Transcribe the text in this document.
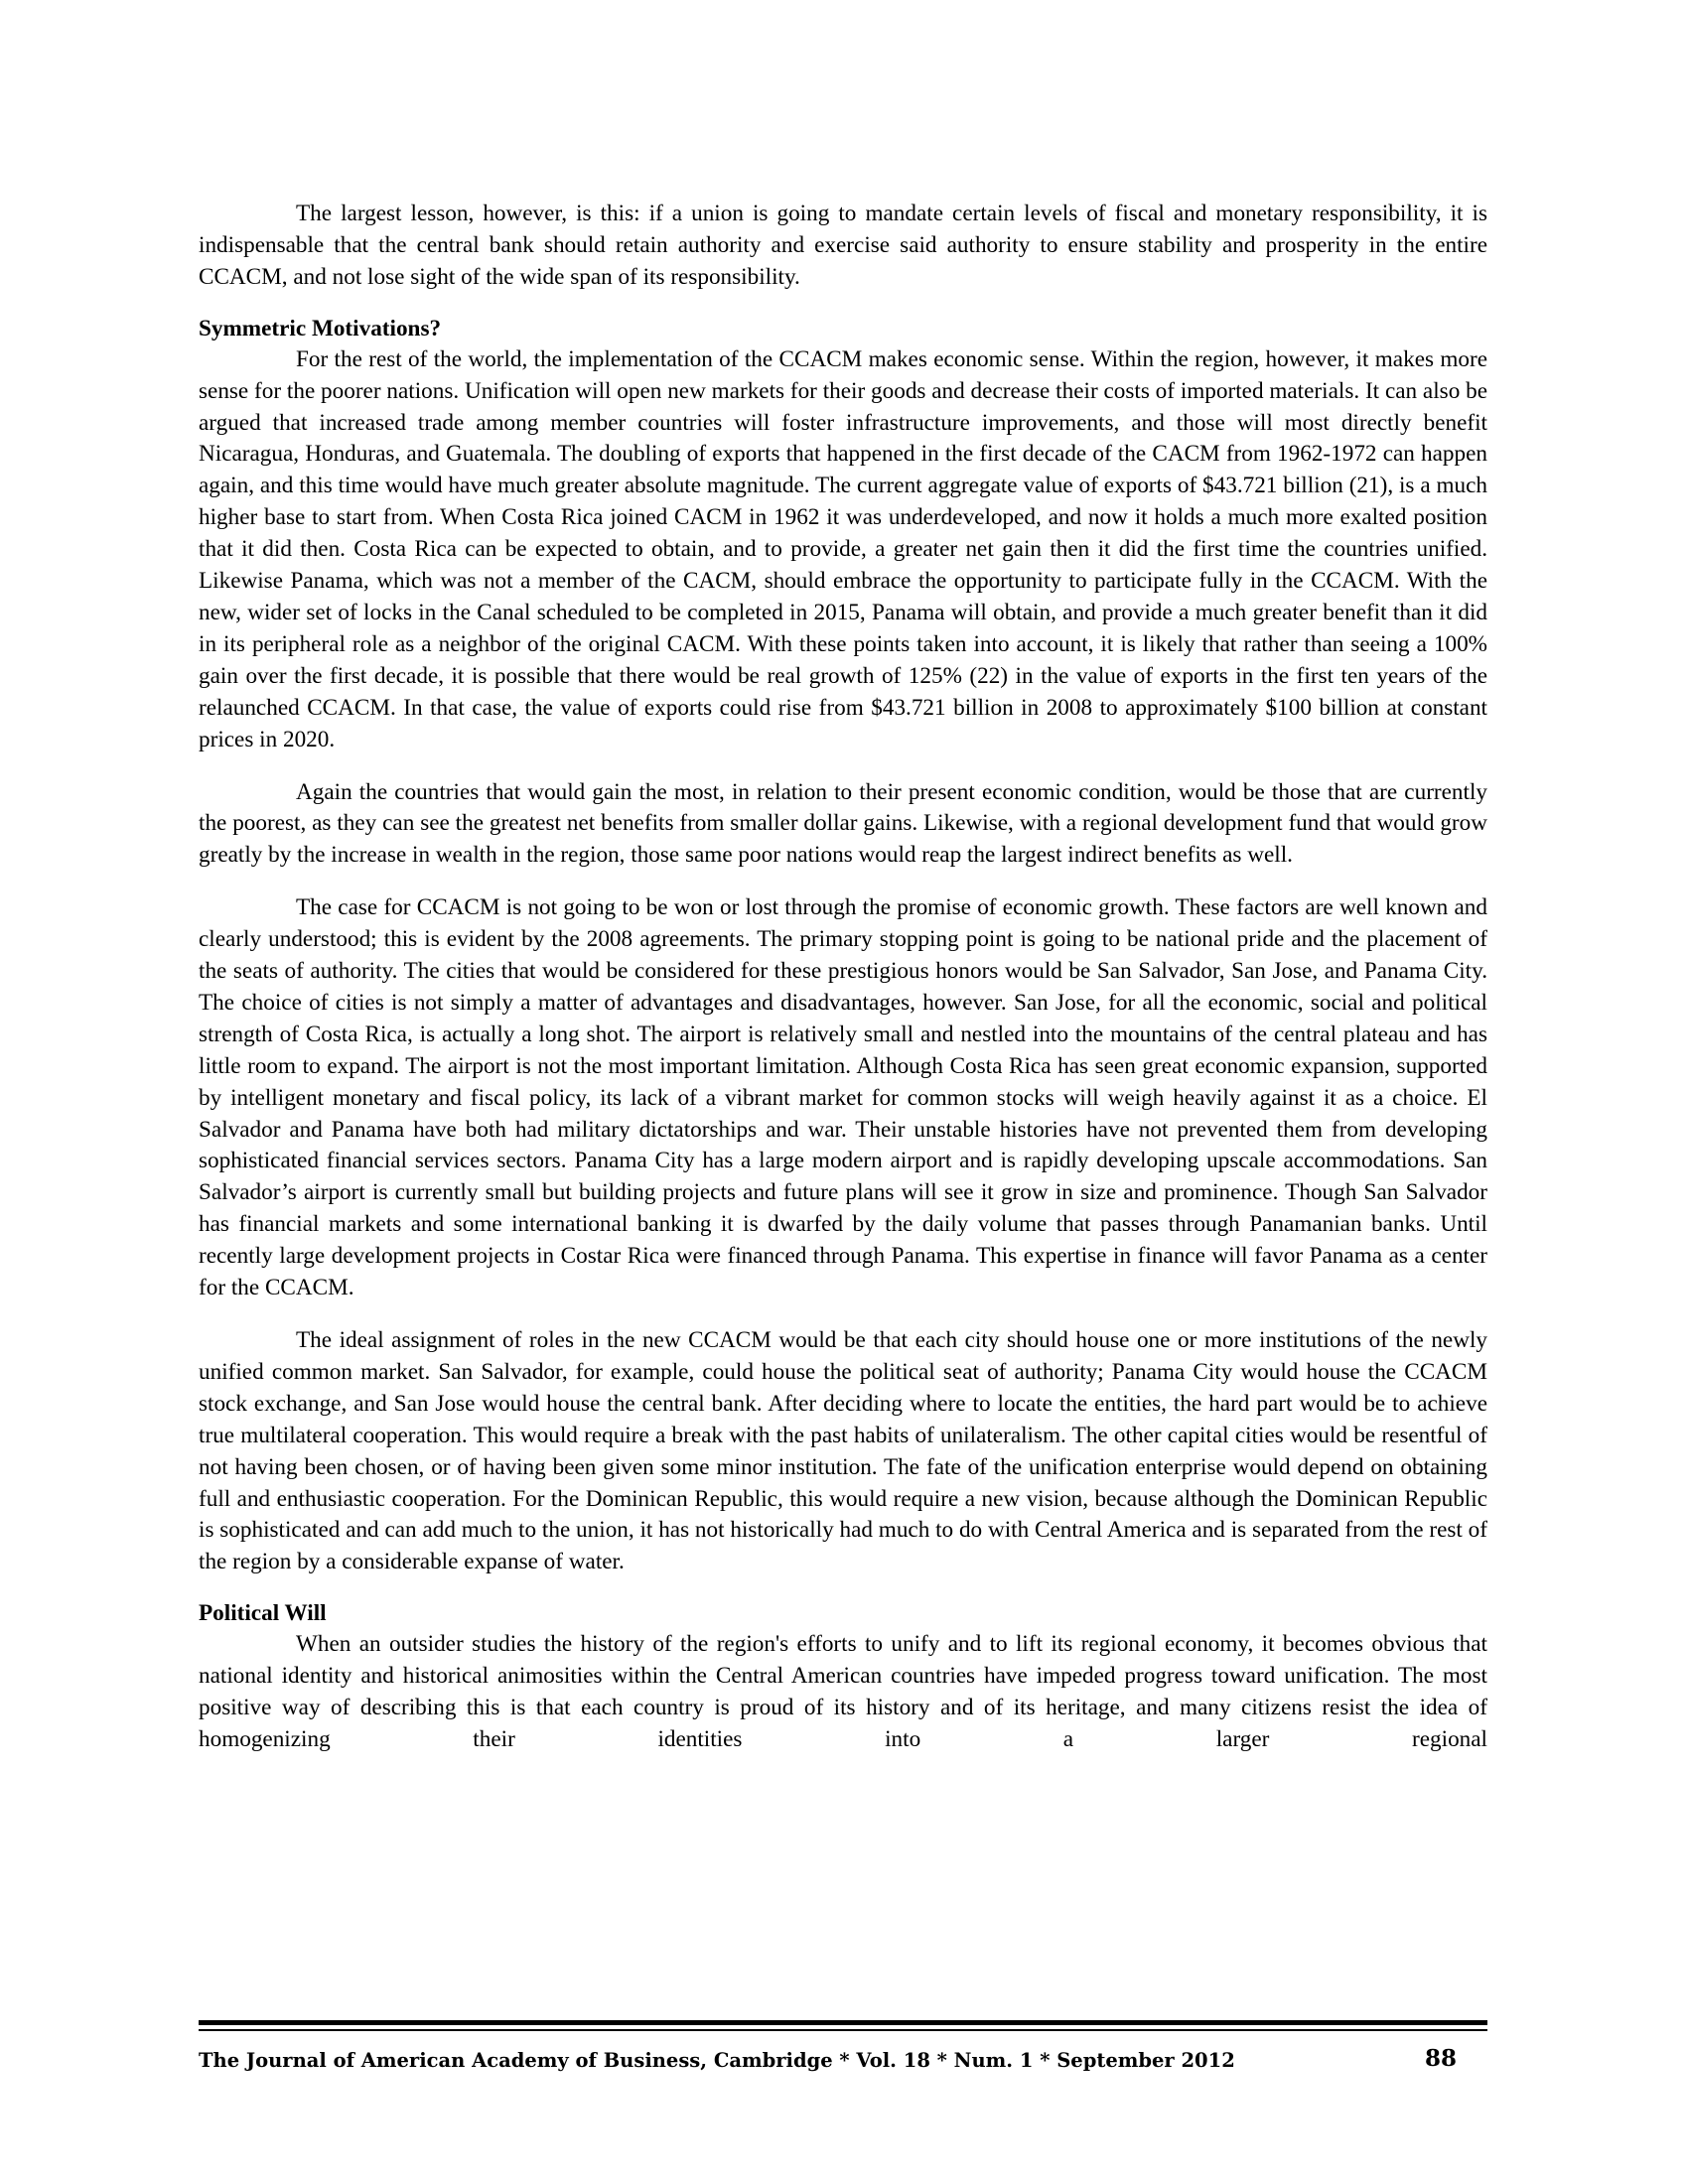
The largest lesson, however, is this: if a union is going to mandate certain levels of fiscal and monetary responsibility, it is indispensable that the central bank should retain authority and exercise said authority to ensure stability and prosperity in the entire CCACM, and not lose sight of the wide span of its responsibility.

Symmetric Motivations?

For the rest of the world, the implementation of the CCACM makes economic sense. Within the region, however, it makes more sense for the poorer nations. Unification will open new markets for their goods and decrease their costs of imported materials. It can also be argued that increased trade among member countries will foster infrastructure improvements, and those will most directly benefit Nicaragua, Honduras, and Guatemala. The doubling of exports that happened in the first decade of the CACM from 1962-1972 can happen again, and this time would have much greater absolute magnitude. The current aggregate value of exports of $43.721 billion (21), is a much higher base to start from. When Costa Rica joined CACM in 1962 it was underdeveloped, and now it holds a much more exalted position that it did then. Costa Rica can be expected to obtain, and to provide, a greater net gain then it did the first time the countries unified. Likewise Panama, which was not a member of the CACM, should embrace the opportunity to participate fully in the CCACM. With the new, wider set of locks in the Canal scheduled to be completed in 2015, Panama will obtain, and provide a much greater benefit than it did in its peripheral role as a neighbor of the original CACM. With these points taken into account, it is likely that rather than seeing a 100% gain over the first decade, it is possible that there would be real growth of 125% (22) in the value of exports in the first ten years of the relaunched CCACM. In that case, the value of exports could rise from $43.721 billion in 2008 to approximately $100 billion at constant prices in 2020.

Again the countries that would gain the most, in relation to their present economic condition, would be those that are currently the poorest, as they can see the greatest net benefits from smaller dollar gains. Likewise, with a regional development fund that would grow greatly by the increase in wealth in the region, those same poor nations would reap the largest indirect benefits as well.

The case for CCACM is not going to be won or lost through the promise of economic growth. These factors are well known and clearly understood; this is evident by the 2008 agreements. The primary stopping point is going to be national pride and the placement of the seats of authority. The cities that would be considered for these prestigious honors would be San Salvador, San Jose, and Panama City. The choice of cities is not simply a matter of advantages and disadvantages, however. San Jose, for all the economic, social and political strength of Costa Rica, is actually a long shot. The airport is relatively small and nestled into the mountains of the central plateau and has little room to expand. The airport is not the most important limitation. Although Costa Rica has seen great economic expansion, supported by intelligent monetary and fiscal policy, its lack of a vibrant market for common stocks will weigh heavily against it as a choice. El Salvador and Panama have both had military dictatorships and war. Their unstable histories have not prevented them from developing sophisticated financial services sectors. Panama City has a large modern airport and is rapidly developing upscale accommodations. San Salvador’s airport is currently small but building projects and future plans will see it grow in size and prominence. Though San Salvador has financial markets and some international banking it is dwarfed by the daily volume that passes through Panamanian banks. Until recently large development projects in Costar Rica were financed through Panama. This expertise in finance will favor Panama as a center for the CCACM.

The ideal assignment of roles in the new CCACM would be that each city should house one or more institutions of the newly unified common market. San Salvador, for example, could house the political seat of authority; Panama City would house the CCACM stock exchange, and San Jose would house the central bank. After deciding where to locate the entities, the hard part would be to achieve true multilateral cooperation. This would require a break with the past habits of unilateralism. The other capital cities would be resentful of not having been chosen, or of having been given some minor institution. The fate of the unification enterprise would depend on obtaining full and enthusiastic cooperation. For the Dominican Republic, this would require a new vision, because although the Dominican Republic is sophisticated and can add much to the union, it has not historically had much to do with Central America and is separated from the rest of the region by a considerable expanse of water.

Political Will

When an outsider studies the history of the region's efforts to unify and to lift its regional economy, it becomes obvious that national identity and historical animosities within the Central American countries have impeded progress toward unification. The most positive way of describing this is that each country is proud of its history and of its heritage, and many citizens resist the idea of homogenizing their identities into a larger regional

The Journal of American Academy of Business, Cambridge * Vol. 18 * Num. 1 * September 2012	88
